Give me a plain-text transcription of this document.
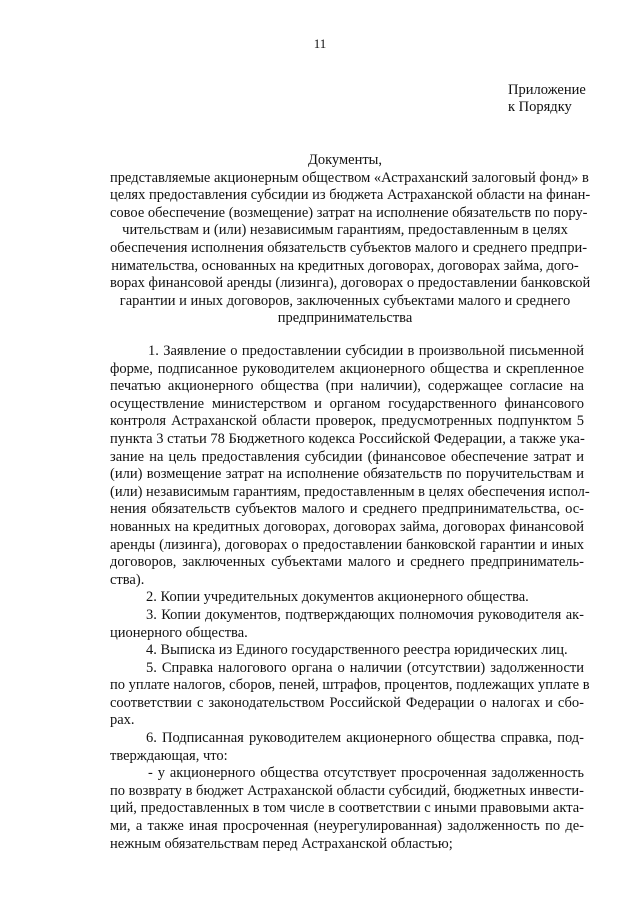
11
Приложение
к Порядку
Документы,
представляемые акционерным обществом «Астраханский залоговый фонд» в
целях предоставления субсидии из бюджета Астраханской области на финан-
совое обеспечение (возмещение) затрат на исполнение обязательств по пору-
чительствам и (или) независимым гарантиям, предоставленным в целях
обеспечения исполнения обязательств субъектов малого и среднего предпри-
нимательства, основанных на кредитных договорах, договорах займа, дого-
ворах финансовой аренды (лизинга), договорах о предоставлении банковской
гарантии и иных договоров, заключенных субъектами малого и среднего
предпринимательства
1. Заявление о предоставлении субсидии в произвольной письменной
форме, подписанное руководителем акционерного общества и скрепленное
печатью акционерного общества (при наличии), содержащее согласие на
осуществление министерством и органом государственного финансового
контроля Астраханской области проверок, предусмотренных подпунктом 5
пункта 3 статьи 78 Бюджетного кодекса Российской Федерации, а также ука-
зание на цель предоставления субсидии (финансовое обеспечение затрат и
(или) возмещение затрат на исполнение обязательств по поручительствам и
(или) независимым гарантиям, предоставленным в целях обеспечения испол-
нения обязательств субъектов малого и среднего предпринимательства, ос-
нованных на кредитных договорах, договорах займа, договорах финансовой
аренды (лизинга), договорах о предоставлении банковской гарантии и иных
договоров, заключенных субъектами малого и среднего предприниматель-
ства).
2. Копии учредительных документов акционерного общества.
3. Копии документов, подтверждающих полномочия руководителя ак-
ционерного общества.
4. Выписка из Единого государственного реестра юридических лиц.
5. Справка налогового органа о наличии (отсутствии) задолженности
по уплате налогов, сборов, пеней, штрафов, процентов, подлежащих уплате в
соответствии с законодательством Российской Федерации о налогах и сбо-
рах.
6. Подписанная руководителем акционерного общества справка, под-
тверждающая, что:
- у акционерного общества отсутствует просроченная задолженность
по возврату в бюджет Астраханской области субсидий, бюджетных инвести-
ций, предоставленных в том числе в соответствии с иными правовыми акта-
ми, а также иная просроченная (неурегулированная) задолженность по де-
нежным обязательствам перед Астраханской областью;
